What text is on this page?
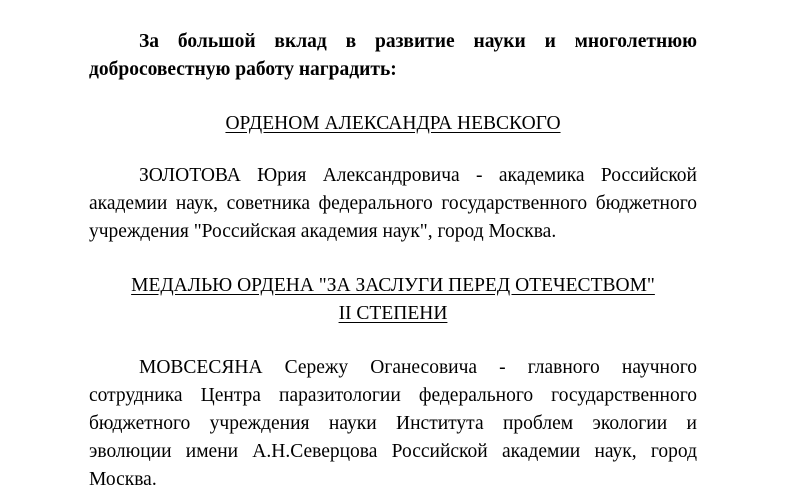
За большой вклад в развитие науки и многолетнюю добросовестную работу наградить:

ОРДЕНОМ АЛЕКСАНДРА НЕВСКОГО

ЗОЛОТОВА Юрия Александровича - академика Российской академии наук, советника федерального государственного бюджетного учреждения "Российская академия наук", город Москва.

МЕДАЛЬЮ ОРДЕНА "ЗА ЗАСЛУГИ ПЕРЕД ОТЕЧЕСТВОМ"
II СТЕПЕНИ

МОВСЕСЯНА Сережу Оганесовича - главного научного сотрудника Центра паразитологии федерального государственного бюджетного учреждения науки Института проблем экологии и эволюции имени А.Н.Северцова Российской академии наук, город Москва.
